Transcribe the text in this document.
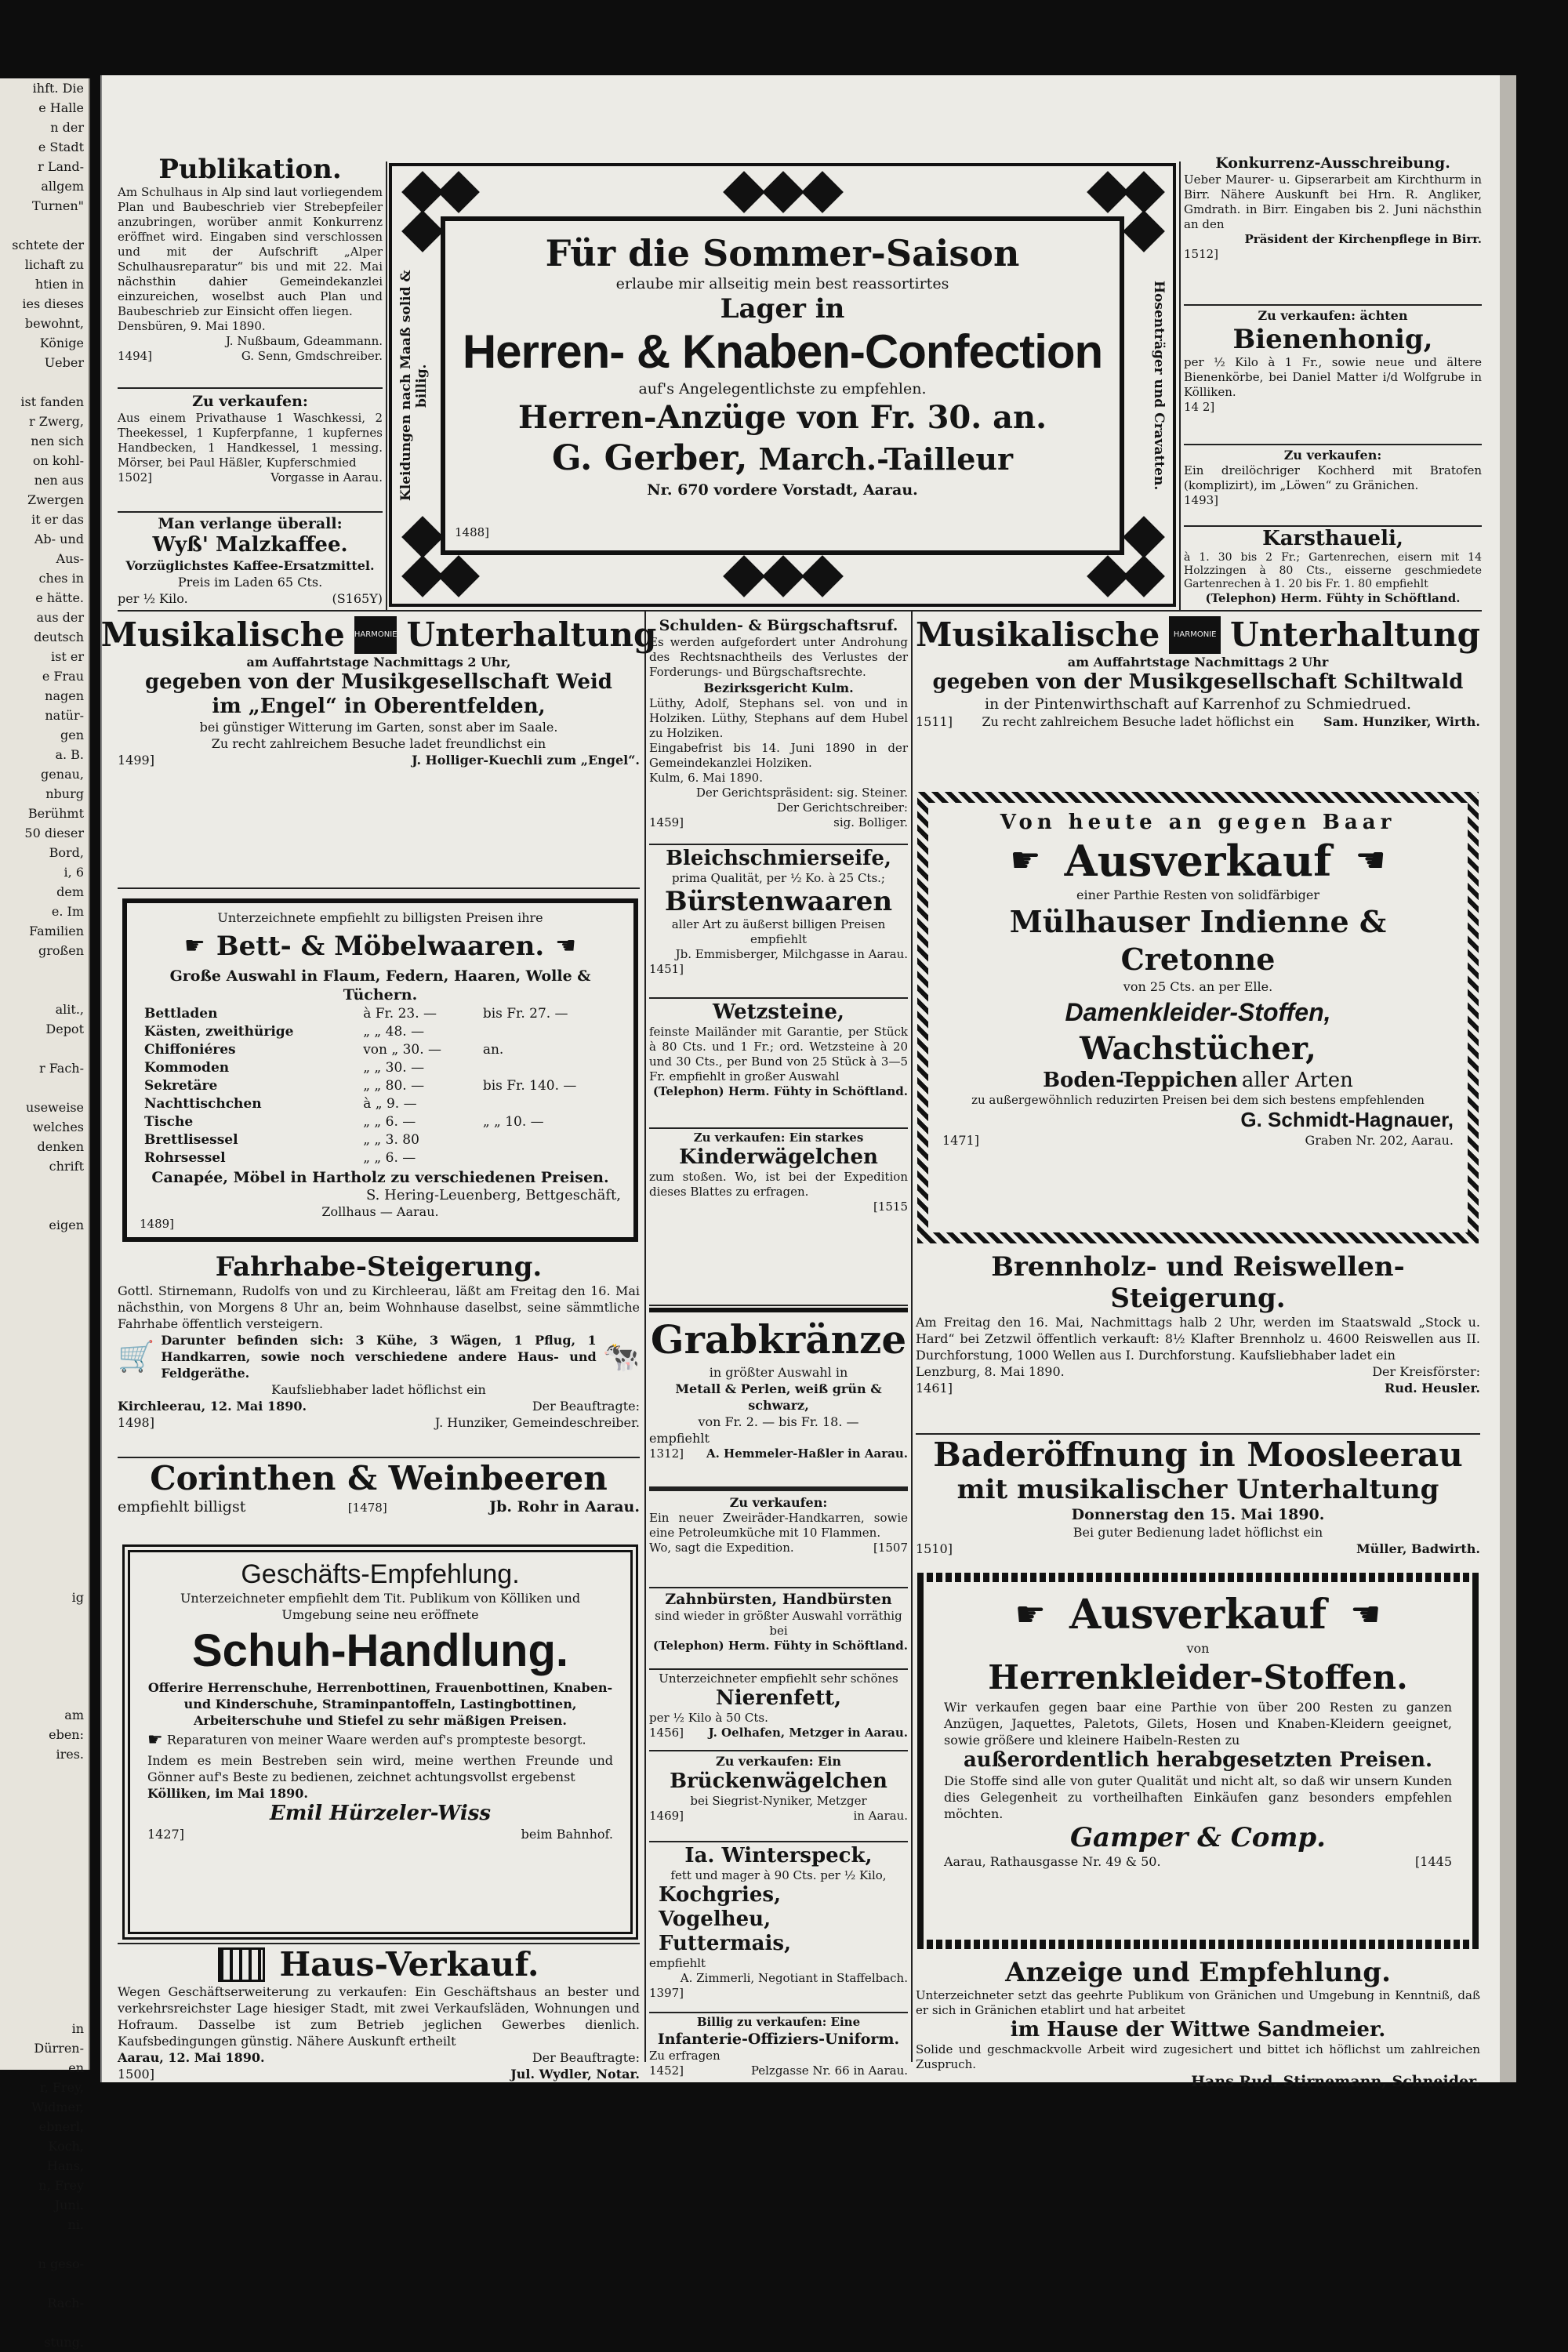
ihft. Die
e Halle
n der
e Stadt
r Land-
allgem
Turnen"

schtete der
lichaft zu
htien in
ies dieses
bewohnt,
Könige
Ueber

ist fanden
r Zwerg,
nen sich
on kohl-
nen aus
Zwergen
it er das
Ab- und
Aus-
ches in
e hätte.
aus der
deutsch
ist er
e Frau
nagen
natür-
gen
a. B.
genau,
nburg
Berühmt
50 dieser
Bord,
i, 6
dem
e. Im
Familien
großen

alit.,
Depot

r Fach-

useweise
welches
denken
chrift

eigen

ig

am
eben:
ires.

in
Dürren-
en
r, Frey,
Widmer,
ebnerl,
Koch,
Hans,
n, Frey
Juni.
ni.

n geso-

Rach-

stung.
Publikation.
Am Schulhaus in Alp sind laut vorliegendem Plan und Baubeschrieb vier Strebepfeiler anzubringen, worüber anmit Konkurrenz eröffnet wird. Eingaben sind verschlossen und mit der Aufschrift „Alper Schulhausreparatur“ bis und mit 22. Mai nächsthin dahier Gemeindekanzlei einzureichen, woselbst auch Plan und Baubeschrieb zur Einsicht offen liegen.
Densbüren, 9. Mai 1890.
J. Nußbaum, Gdeammann.
1494]	G. Senn, Gmdschreiber.
Zu verkaufen:
Aus einem Privathause 1 Waschkessi, 2 Theekessel, 1 Kupferpfanne, 1 kupfernes Handbecken, 1 Handkessel, 1 messing. Mörser, bei Paul Häßler, Kupferschmied
1502]	Vorgasse in Aarau.
Man verlange überall:
Wyß' Malzkaffee.
Vorzüglichstes Kaffee-Ersatzmittel.
Preis im Laden 65 Cts.
per ½ Kilo.	(S165Y)
Kleidungen nach Maaß solid & billig.	Hosenträger und Cravatten.
Für die Sommer-Saison
erlaube mir allseitig mein best reassortirtes
Lager in
Herren- & Knaben-Confection
auf's Angelegentlichste zu empfehlen.
Herren-Anzüge von Fr. 30. an.
G. Gerber, March.-Tailleur
Nr. 670 vordere Vorstadt, Aarau.
1488]
Konkurrenz-Ausschreibung.
Ueber Maurer- u. Gipserarbeit am Kirchthurm in Birr. Nähere Auskunft bei Hrn. R. Angliker, Gmdrath. in Birr. Eingaben bis 2. Juni nächsthin an den
Präsident der Kirchenpflege in Birr.
1512]
Zu verkaufen: ächten
Bienenhonig,
per ½ Kilo à 1 Fr., sowie neue und ältere Bienenkörbe, bei Daniel Matter i/d Wolfgrube in Kölliken.
14 2]
Zu verkaufen:
Ein dreilöchriger Kochherd mit Bratofen (komplizirt), im „Löwen“ zu Gränichen.
1493]
Karsthaueli,
à 1. 30 bis 2 Fr.; Gartenrechen, eisern mit 14 Holzzingen à 80 Cts., eisserne geschmiedete Gartenrechen à 1. 20 bis Fr. 1. 80 empfiehlt
(Telephon) Herm. Fühty in Schöftland.
Musikalische HARMONIE Unterhaltung
am Auffahrtstage Nachmittags 2 Uhr,
gegeben von der Musikgesellschaft Weid
im „Engel“ in Oberentfelden,
bei günstiger Witterung im Garten, sonst aber im Saale.
Zu recht zahlreichem Besuche ladet freundlichst ein
1499]	J. Holliger-Kuechli zum „Engel“.
Unterzeichnete empfiehlt zu billigsten Preisen ihre
☛ Bett- & Möbelwaaren. ☚
Große Auswahl in Flaum, Federn, Haaren, Wolle & Tüchern.
Bettladen	à Fr. 23. —	bis Fr. 27. —
Kästen, zweithürige	„ „ 48. —	
Chiffoniéres	von „ 30. —	an.
Kommoden	„ „ 30. —	
Sekretäre	„ „ 80. —	bis Fr. 140. —
Nachttischchen	à „ 9. —	
Tische	„ „ 6. —	„ „ 10. —
Brettlisessel	„ „ 3. 80	
Rohrsessel	„ „ 6. —	
Canapée, Möbel in Hartholz zu verschiedenen Preisen.
S. Hering-Leuenberg, Bettgeschäft,
Zollhaus — Aarau.
1489]
Fahrhabe-Steigerung.
Gottl. Stirnemann, Rudolfs von und zu Kirchleerau, läßt am Freitag den 16. Mai nächsthin, von Morgens 8 Uhr an, beim Wohnhause daselbst, seine sämmtliche Fahrhabe öffentlich versteigern.
🛒 Darunter befinden sich: 3 Kühe, 3 Wägen, 1 Pflug, 1 Handkarren, sowie noch verschiedene andere Haus- und Feldgeräthe.	🐄
Kaufsliebhaber ladet höflichst ein
Kirchleerau, 12. Mai 1890.	Der Beauftragte:
1498]	J. Hunziker, Gemeindeschreiber.
Corinthen & Weinbeeren
empfiehlt billigst	[1478]	Jb. Rohr in Aarau.
Geschäfts-Empfehlung.
Unterzeichneter empfiehlt dem Tit. Publikum von Kölliken und Umgebung seine neu eröffnete
Schuh-Handlung.
Offerire Herrenschuhe, Herrenbottinen, Frauenbottinen, Knaben- und Kinderschuhe, Straminpantoffeln, Lastingbottinen, Arbeiterschuhe und Stiefel zu sehr mäßigen Preisen.
☛ Reparaturen von meiner Waare werden auf's prompteste besorgt.
Indem es mein Bestreben sein wird, meine werthen Freunde und Gönner auf's Beste zu bedienen, zeichnet achtungsvollst ergebenst
Kölliken, im Mai 1890.
Emil Hürzeler-Wiss
1427]	beim Bahnhof.
Haus-Verkauf.
Wegen Geschäftserweiterung zu verkaufen: Ein Geschäftshaus an bester und verkehrsreichster Lage hiesiger Stadt, mit zwei Verkaufsläden, Wohnungen und Hofraum. Dasselbe ist zum Betrieb jeglichen Gewerbes dienlich. Kaufsbedingungen günstig. Nähere Auskunft ertheilt
Aarau, 12. Mai 1890.	Der Beauftragte:
1500]	Jul. Wydler, Notar.
Schulden- & Bürgschaftsruf.
Es werden aufgefordert unter Androhung des Rechtsnachtheils des Verlustes der Forderungs- und Bürgschaftsrechte.
Bezirksgericht Kulm.
Lüthy, Adolf, Stephans sel. von und in Holziken. Lüthy, Stephans auf dem Hubel zu Holziken.
Eingabefrist bis 14. Juni 1890 in der Gemeindekanzlei Holziken.
Kulm, 6. Mai 1890.
Der Gerichtspräsident: sig. Steiner.
Der Gerichtschreiber:
1459]	sig. Bolliger.
Bleichschmierseife,
prima Qualität, per ½ Ko. à 25 Cts.;
Bürstenwaaren
aller Art zu äußerst billigen Preisen empfiehlt
Jb. Emmisberger, Milchgasse in Aarau.
1451]
Wetzsteine,
feinste Mailänder mit Garantie, per Stück à 80 Cts. und 1 Fr.; ord. Wetzsteine à 20 und 30 Cts., per Bund von 25 Stück à 3—5 Fr. empfiehlt in großer Auswahl
(Telephon) Herm. Fühty in Schöftland.
Zu verkaufen: Ein starkes
Kinderwägelchen
zum stoßen. Wo, ist bei der Expedition dieses Blattes zu erfragen.
[1515
Grabkränze
in größter Auswahl in
Metall & Perlen, weiß grün & schwarz,
von Fr. 2. — bis Fr. 18. —
empfiehlt
1312] A. Hemmeler-Haßler in Aarau.
Zu verkaufen:
Ein neuer Zweiräder-Handkarren, sowie eine Petroleumküche mit 10 Flammen.
Wo, sagt die Expedition.	[1507
Zahnbürsten, Handbürsten
sind wieder in größter Auswahl vorräthig bei
(Telephon) Herm. Fühty in Schöftland.
Unterzeichneter empfiehlt sehr schönes
Nierenfett,
per ½ Kilo à 50 Cts.
1456] J. Oelhafen, Metzger in Aarau.
Zu verkaufen: Ein
Brückenwägelchen
bei Siegrist-Nyniker, Metzger
1469]	in Aarau.
Ia. Winterspeck,
fett und mager à 90 Cts. per ½ Kilo,
Kochgries,
Vogelheu,
Futtermais,
empfiehlt
A. Zimmerli, Negotiant in Staffelbach.
1397]
Billig zu verkaufen: Eine
Infanterie-Offiziers-Uniform.
Zu erfragen
1452]	Pelzgasse Nr. 66 in Aarau.
Musikalische	HARMONIE Unterhaltung
am Auffahrtstage Nachmittags 2 Uhr
gegeben von der Musikgesellschaft Schiltwald
in der Pintenwirthschaft auf Karrenhof zu Schmiedrued.
1511] Zu recht zahlreichem Besuche ladet höflichst ein Sam. Hunziker, Wirth.
Von heute an gegen Baar
☛ Ausverkauf ☚
einer Parthie Resten von solidfärbiger
Mülhauser Indienne & Cretonne
von 25 Cts. an per Elle.
Damenkleider-Stoffen,
Wachstücher,
Boden-Teppichen aller Arten
zu außergewöhnlich reduzirten Preisen bei dem sich bestens empfehlenden
G. Schmidt-Hagnauer,
1471]	Graben Nr. 202, Aarau.
Brennholz- und Reiswellen-Steigerung.
Am Freitag den 16. Mai, Nachmittags halb 2 Uhr, werden im Staatswald „Stock u. Hard“ bei Zetzwil öffentlich verkauft: 8½ Klafter Brennholz u. 4600 Reiswellen aus II. Durchforstung, 1000 Wellen aus I. Durchforstung. Kaufsliebhaber ladet ein
Lenzburg, 8. Mai 1890.	Der Kreisförster:
1461]	Rud. Heusler.
Baderöffnung in Moosleerau
mit musikalischer Unterhaltung
Donnerstag den 15. Mai 1890.
Bei guter Bedienung ladet höflichst ein
1510]	Müller, Badwirth.
☛ Ausverkauf ☚
von
Herrenkleider-Stoffen.
Wir verkaufen gegen baar eine Parthie von über 200 Resten zu ganzen Anzügen, Jaquettes, Paletots, Gilets, Hosen und Knaben-Kleidern geeignet, sowie größere und kleinere Haibeln-Resten zu
außerordentlich herabgesetzten Preisen.
Die Stoffe sind alle von guter Qualität und nicht alt, so daß wir unsern Kunden dies Gelegenheit zu vortheilhaften Einkäufen ganz besonders empfehlen möchten.
Gamper & Comp.
Aarau, Rathausgasse Nr. 49 & 50.	[1445
Anzeige und Empfehlung.
Unterzeichneter setzt das geehrte Publikum von Gränichen und Umgebung in Kenntniß, daß er sich in Gränichen etablirt und hat arbeitet
im Hause der Wittwe Sandmeier.
Solide und geschmackvolle Arbeit wird zugesichert und bittet ich höflichst um zahlreichen Zuspruch.
Hans Rud. Stirnemann, Schneider.
